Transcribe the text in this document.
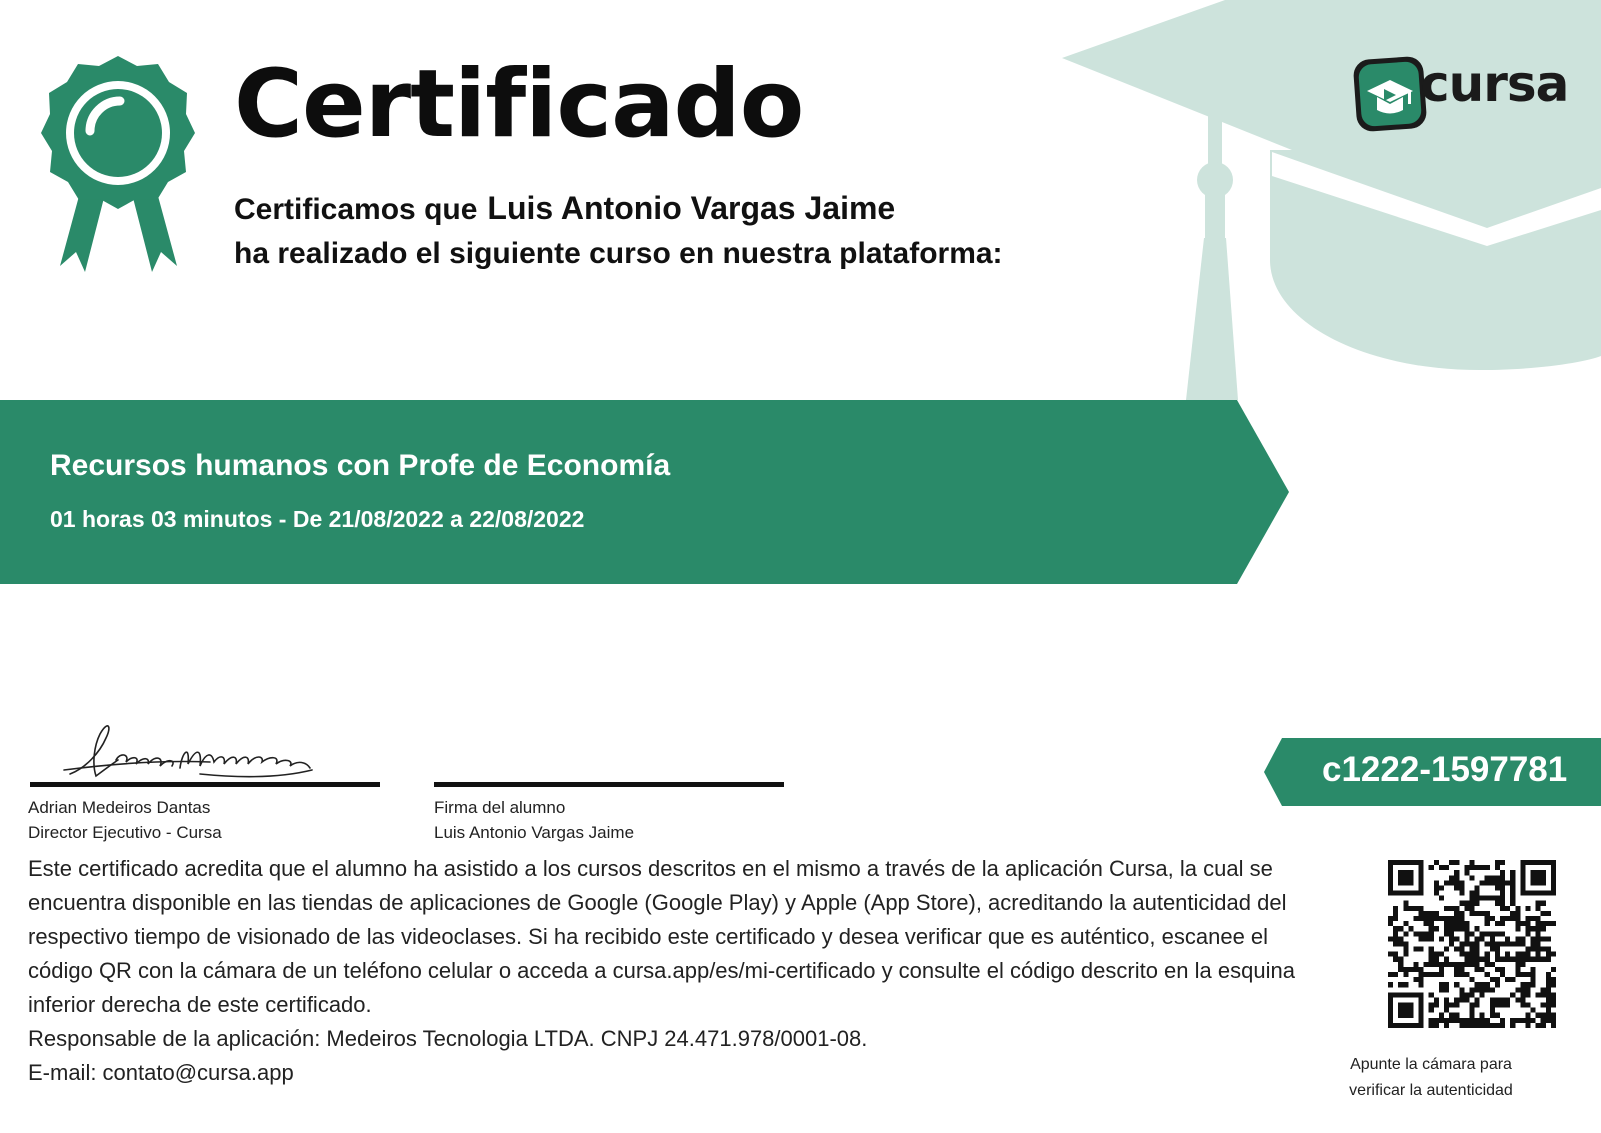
Certificado
Certificamos que Luis Antonio Vargas Jaime
ha realizado el siguiente curso en nuestra plataforma:
cursa
Recursos humanos con Profe de Economía
01 horas 03 minutos - De 21/08/2022 a 22/08/2022
c1222-1597781
Adrian Medeiros Dantas
Director Ejecutivo - Cursa
Firma del alumno
Luis Antonio Vargas Jaime

Este certificado acredita que el alumno ha asistido a los cursos descritos en el mismo a través de la aplicación Cursa, la cual se encuentra disponible en las tiendas de aplicaciones de Google (Google Play) y Apple (App Store), acreditando la autenticidad del respectivo tiempo de visionado de las videoclases. Si ha recibido este certificado y desea verificar que es auténtico, escanee el código QR con la cámara de un teléfono celular o acceda a cursa.app/es/mi-certificado y consulte el código descrito en la esquina inferior derecha de este certificado.

Responsable de la aplicación: Medeiros Tecnologia LTDA. CNPJ 24.471.978/0001-08.

E-mail: contato@cursa.app	Apunte la cámara para
verificar la autenticidad
